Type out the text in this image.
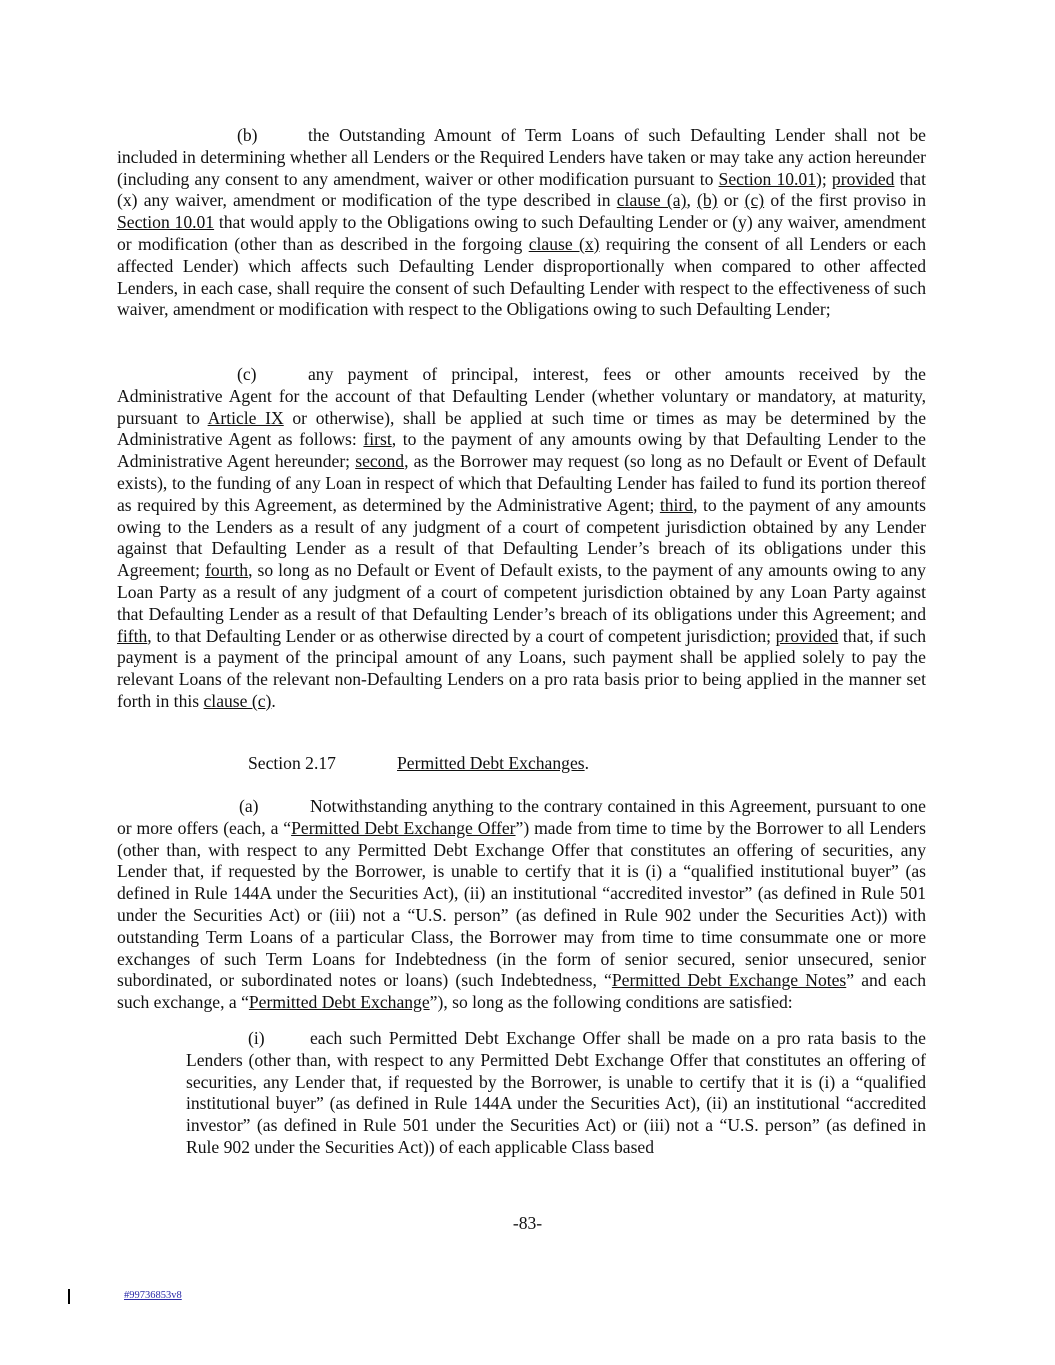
(b)	the Outstanding Amount of Term Loans of such Defaulting Lender shall not be included in determining whether all Lenders or the Required Lenders have taken or may take any action hereunder (including any consent to any amendment, waiver or other modification pursuant to Section 10.01); provided that (x) any waiver, amendment or modification of the type described in clause (a), (b) or (c) of the first proviso in Section 10.01 that would apply to the Obligations owing to such Defaulting Lender or (y) any waiver, amendment or modification (other than as described in the forgoing clause (x) requiring the consent of all Lenders or each affected Lender) which affects such Defaulting Lender disproportionally when compared to other affected Lenders, in each case, shall require the consent of such Defaulting Lender with respect to the effectiveness of such waiver, amendment or modification with respect to the Obligations owing to such Defaulting Lender;

(c)	any payment of principal, interest, fees or other amounts received by the Administrative Agent for the account of that Defaulting Lender (whether voluntary or mandatory, at maturity, pursuant to Article IX or otherwise), shall be applied at such time or times as may be determined by the Administrative Agent as follows: first, to the payment of any amounts owing by that Defaulting Lender to the Administrative Agent hereunder; second, as the Borrower may request (so long as no Default or Event of Default exists), to the funding of any Loan in respect of which that Defaulting Lender has failed to fund its portion thereof as required by this Agreement, as determined by the Administrative Agent; third, to the payment of any amounts owing to the Lenders as a result of any judgment of a court of competent jurisdiction obtained by any Lender against that Defaulting Lender as a result of that Defaulting Lender’s breach of its obligations under this Agreement; fourth, so long as no Default or Event of Default exists, to the payment of any amounts owing to any Loan Party as a result of any judgment of a court of competent jurisdiction obtained by any Loan Party against that Defaulting Lender as a result of that Defaulting Lender’s breach of its obligations under this Agreement; and fifth, to that Defaulting Lender or as otherwise directed by a court of competent jurisdiction; provided that, if such payment is a payment of the principal amount of any Loans, such payment shall be applied solely to pay the relevant Loans of the relevant non-Defaulting Lenders on a pro rata basis prior to being applied in the manner set forth in this clause (c).

Section 2.17	Permitted Debt Exchanges.

(a)	Notwithstanding anything to the contrary contained in this Agreement, pursuant to one or more offers (each, a “Permitted Debt Exchange Offer”) made from time to time by the Borrower to all Lenders (other than, with respect to any Permitted Debt Exchange Offer that constitutes an offering of securities, any Lender that, if requested by the Borrower, is unable to certify that it is (i) a “qualified institutional buyer” (as defined in Rule 144A under the Securities Act), (ii) an institutional “accredited investor” (as defined in Rule 501 under the Securities Act) or (iii) not a “U.S. person” (as defined in Rule 902 under the Securities Act)) with outstanding Term Loans of a particular Class, the Borrower may from time to time consummate one or more exchanges of such Term Loans for Indebtedness (in the form of senior secured, senior unsecured, senior subordinated, or subordinated notes or loans) (such Indebtedness, “Permitted Debt Exchange Notes” and each such exchange, a “Permitted Debt Exchange”), so long as the following conditions are satisfied:

(i)	each such Permitted Debt Exchange Offer shall be made on a pro rata basis to the Lenders (other than, with respect to any Permitted Debt Exchange Offer that constitutes an offering of securities, any Lender that, if requested by the Borrower, is unable to certify that it is (i) a “qualified institutional buyer” (as defined in Rule 144A under the Securities Act), (ii) an institutional “accredited investor” (as defined in Rule 501 under the Securities Act) or (iii) not a “U.S. person” (as defined in Rule 902 under the Securities Act)) of each applicable Class based

-83-
#99736853v8
